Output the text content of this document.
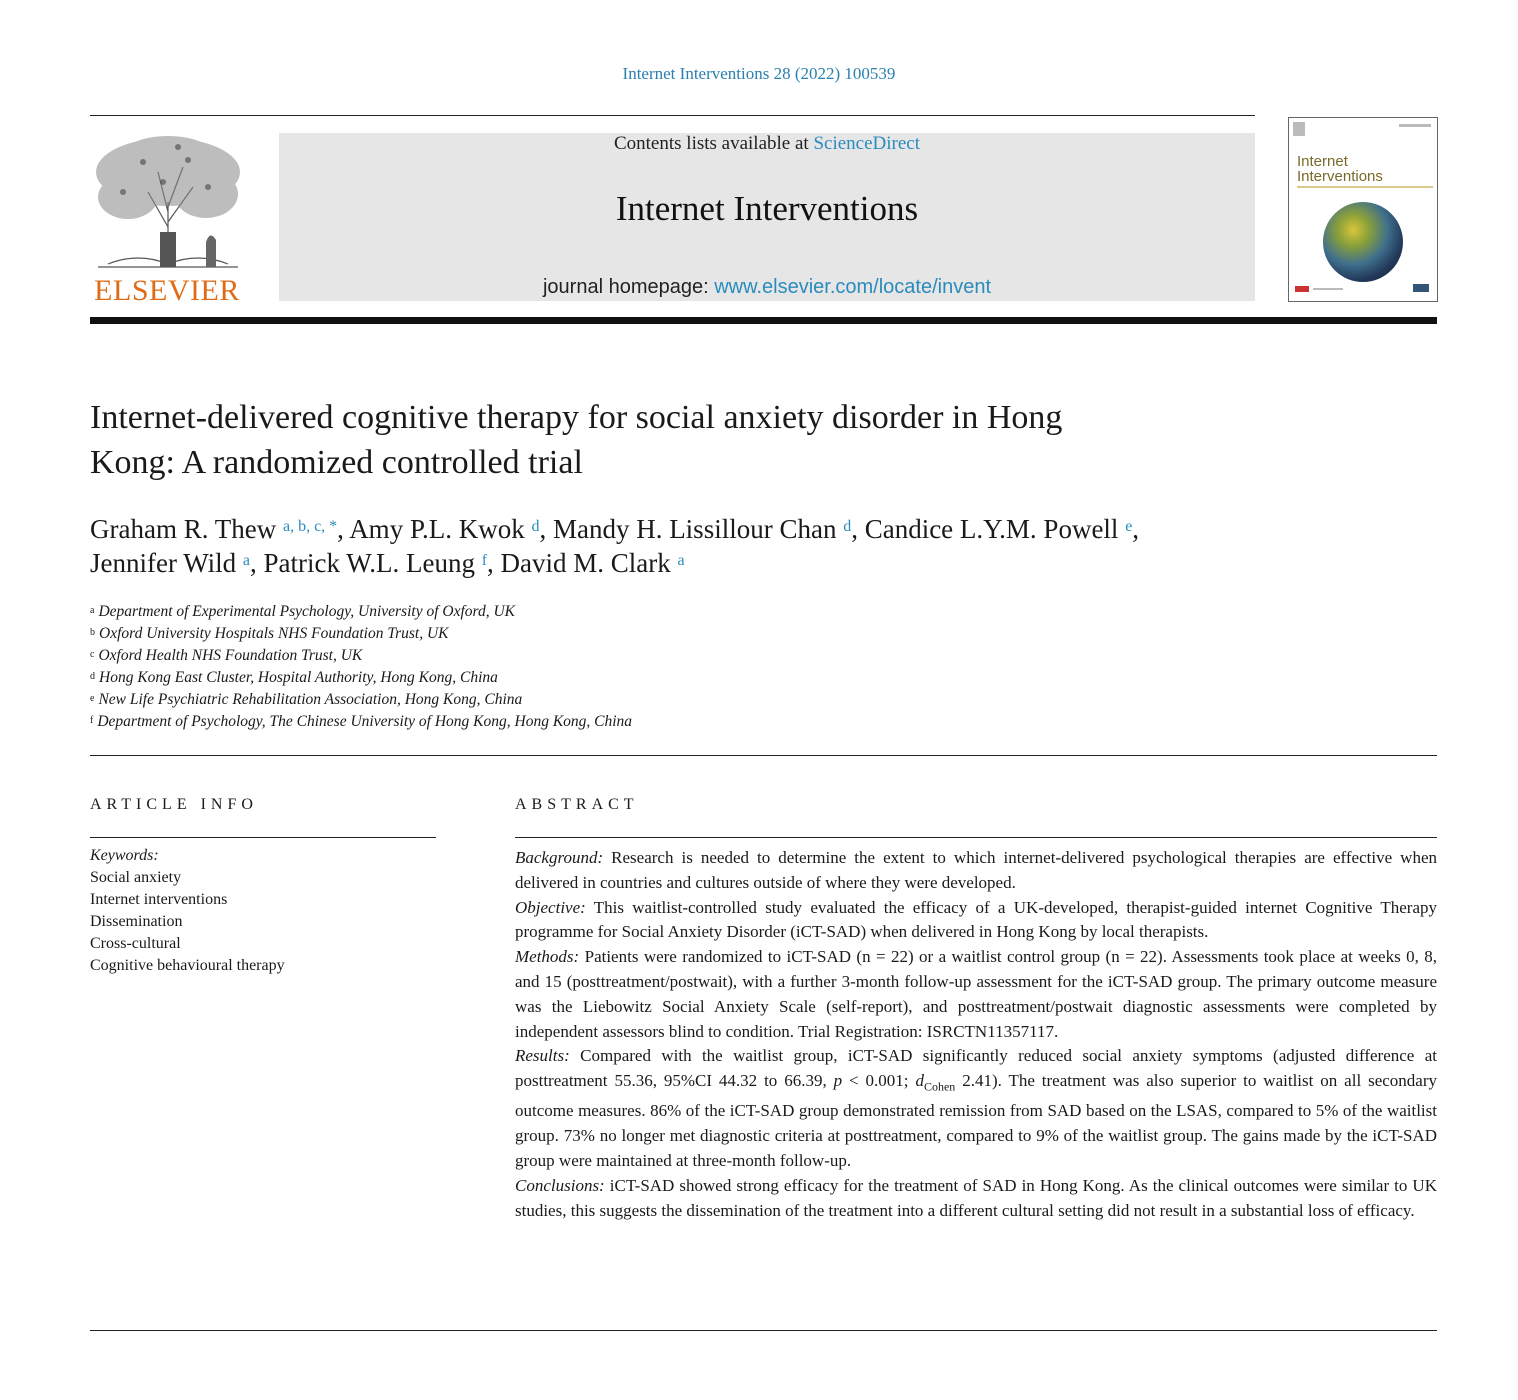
Internet Interventions 28 (2022) 100539
ELSEVIER
Contents lists available at ScienceDirect
Internet Interventions
journal homepage: www.elsevier.com/locate/invent
Internet
Interventions
Internet-delivered cognitive therapy for social anxiety disorder in Hong
Kong: A randomized controlled trial
Graham R. Thew $^{a, b, c, *}$, Amy P.L. Kwok $^d$, Mandy H. Lissillour Chan $^d$, Candice L.Y.M. Powell $^e$,
Jennifer Wild $^a$, Patrick W.L. Leung $^f$, David M. Clark $^a$
$^a$ Department of Experimental Psychology, University of Oxford, UK
$^b$ Oxford University Hospitals NHS Foundation Trust, UK
$^c$ Oxford Health NHS Foundation Trust, UK
$^d$ Hong Kong East Cluster, Hospital Authority, Hong Kong, China
$^e$ New Life Psychiatric Rehabilitation Association, Hong Kong, China
$^f$ Department of Psychology, The Chinese University of Hong Kong, Hong Kong, China
ARTICLE INFO	ABSTRACT
Keywords:
Social anxiety
Internet interventions
Dissemination
Cross-cultural
Cognitive behavioural therapy

Background: Research is needed to determine the extent to which internet-delivered psychological therapies are effective when delivered in countries and cultures outside of where they were developed.

Objective: This waitlist-controlled study evaluated the efficacy of a UK-developed, therapist-guided internet Cognitive Therapy programme for Social Anxiety Disorder (iCT-SAD) when delivered in Hong Kong by local therapists.

Methods: Patients were randomized to iCT-SAD (n = 22) or a waitlist control group (n = 22). Assessments took place at weeks 0, 8, and 15 (posttreatment/postwait), with a further 3-month follow-up assessment for the iCT-SAD group. The primary outcome measure was the Liebowitz Social Anxiety Scale (self-report), and posttreatment/postwait diagnostic assessments were completed by independent assessors blind to condition. Trial Registration: ISRCTN11357117.

Results: Compared with the waitlist group, iCT-SAD significantly reduced social anxiety symptoms (adjusted difference at posttreatment 55.36, 95%CI 44.32 to 66.39, p < 0.001; $d_{Cohen}$ 2.41). The treatment was also superior to waitlist on all secondary outcome measures. 86% of the iCT-SAD group demonstrated remission from SAD based on the LSAS, compared to 5% of the waitlist group. 73% no longer met diagnostic criteria at posttreatment, compared to 9% of the waitlist group. The gains made by the iCT-SAD group were maintained at three-month follow-up.

Conclusions: iCT-SAD showed strong efficacy for the treatment of SAD in Hong Kong. As the clinical outcomes were similar to UK studies, this suggests the dissemination of the treatment into a different cultural setting did not result in a substantial loss of efficacy.
